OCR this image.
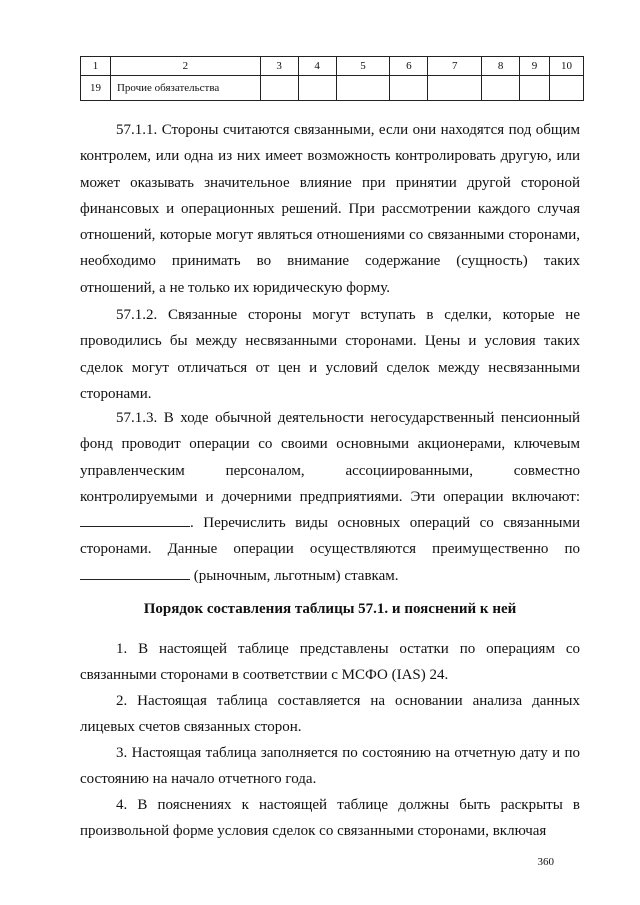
1	2	3	4	5	6	7	8	9	10
19	Прочие обязательства								

57.1.1. Стороны считаются связанными, если они находятся под общим контролем, или одна из них имеет возможность контролировать другую, или может оказывать значительное влияние при принятии другой стороной финансовых и операционных решений. При рассмотрении каждого случая отношений, которые могут являться отношениями со связанными сторонами, необходимо принимать во внимание содержание (сущность) таких отношений, а не только их юридическую форму.

57.1.2. Связанные стороны могут вступать в сделки, которые не проводились бы между несвязанными сторонами. Цены и условия таких сделок могут отличаться от цен и условий сделок между несвязанными сторонами.

57.1.3. В ходе обычной деятельности негосударственный пенсионный фонд проводит операции со своими основными акционерами, ключевым управленческим персоналом, ассоциированными, совместно контролируемыми и дочерними предприятиями. Эти операции включают: . Перечислить виды основных операций со связанными сторонами. Данные операции осуществляются преимущественно по  (рыночным, льготным) ставкам.

Порядок составления таблицы 57.1. и пояснений к ней

1. В настоящей таблице представлены остатки по операциям со связанными сторонами в соответствии с МСФО (IAS) 24.

2. Настоящая таблица составляется на основании анализа данных лицевых счетов связанных сторон.

3. Настоящая таблица заполняется по состоянию на отчетную дату и по состоянию на начало отчетного года.

4. В пояснениях к настоящей таблице должны быть раскрыты в произвольной форме условия сделок со связанными сторонами, включая

360
